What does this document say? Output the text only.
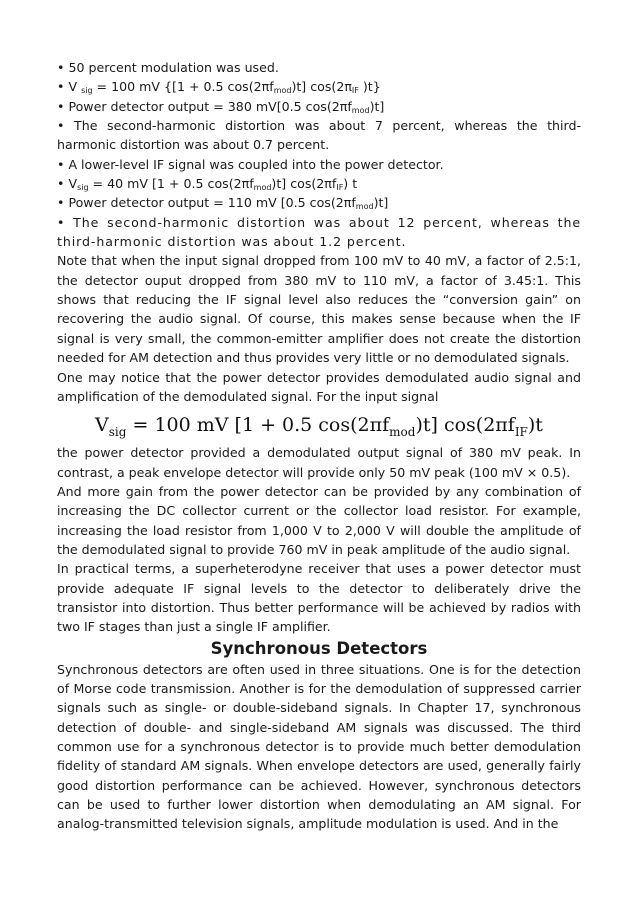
• 50 percent modulation was used.

• V $_{sig}$ = 100 mV {[1 + 0.5 $\cos(2\pi f_{mod})t$] $\cos(2\pi_{IF}$ )t}

• Power detector output = 380 mV[0.5 $\cos(2\pi f_{mod})t$]

• The second-harmonic distortion was about 7 percent, whereas the third-harmonic distortion was about 0.7 percent.

• A lower-level IF signal was coupled into the power detector.

• $V_{sig} = 40$ mV [1 + 0.5 $\cos(2\pi f_{mod})t$] $\cos(2\pi f_{IF})$ t

• Power detector output = 110 mV [0.5 $\cos(2\pi f_{mod})t$]

• The second-harmonic distortion was about 12 percent, whereas the third-harmonic distortion was about 1.2 percent.

Note that when the input signal dropped from 100 mV to 40 mV, a factor of 2.5:1, the detector ouput dropped from 380 mV to 110 mV, a factor of 3.45:1. This shows that reducing the IF signal level also reduces the “conversion gain” on recovering the audio signal. Of course, this makes sense because when the IF signal is very small, the common-emitter amplifier does not create the distortion needed for AM detection and thus provides very little or no demodulated signals.

One may notice that the power detector provides demodulated audio signal and amplification of the demodulated signal. For the input signal

$V_{sig} = 100$ mV [1 + 0.5 $\cos(2\pi f_{mod})t$] $\cos(2\pi f_{IF})t$

the power detector provided a demodulated output signal of 380 mV peak. In contrast, a peak envelope detector will provide only 50 mV peak (100 mV × 0.5).

And more gain from the power detector can be provided by any combination of increasing the DC collector current or the collector load resistor. For example, increasing the load resistor from 1,000 V to 2,000 V will double the amplitude of the demodulated signal to provide 760 mV in peak amplitude of the audio signal.

In practical terms, a superheterodyne receiver that uses a power detector must provide adequate IF signal levels to the detector to deliberately drive the transistor into distortion. Thus better performance will be achieved by radios with two IF stages than just a single IF amplifier.

Synchronous Detectors

Synchronous detectors are often used in three situations. One is for the detection of Morse code transmission. Another is for the demodulation of suppressed carrier signals such as single- or double-sideband signals. In Chapter 17, synchronous detection of double- and single-sideband AM signals was discussed. The third common use for a synchronous detector is to provide much better demodulation fidelity of standard AM signals. When envelope detectors are used, generally fairly good distortion performance can be achieved. However, synchronous detectors can be used to further lower distortion when demodulating an AM signal. For analog-transmitted television signals, amplitude modulation is used. And in the
